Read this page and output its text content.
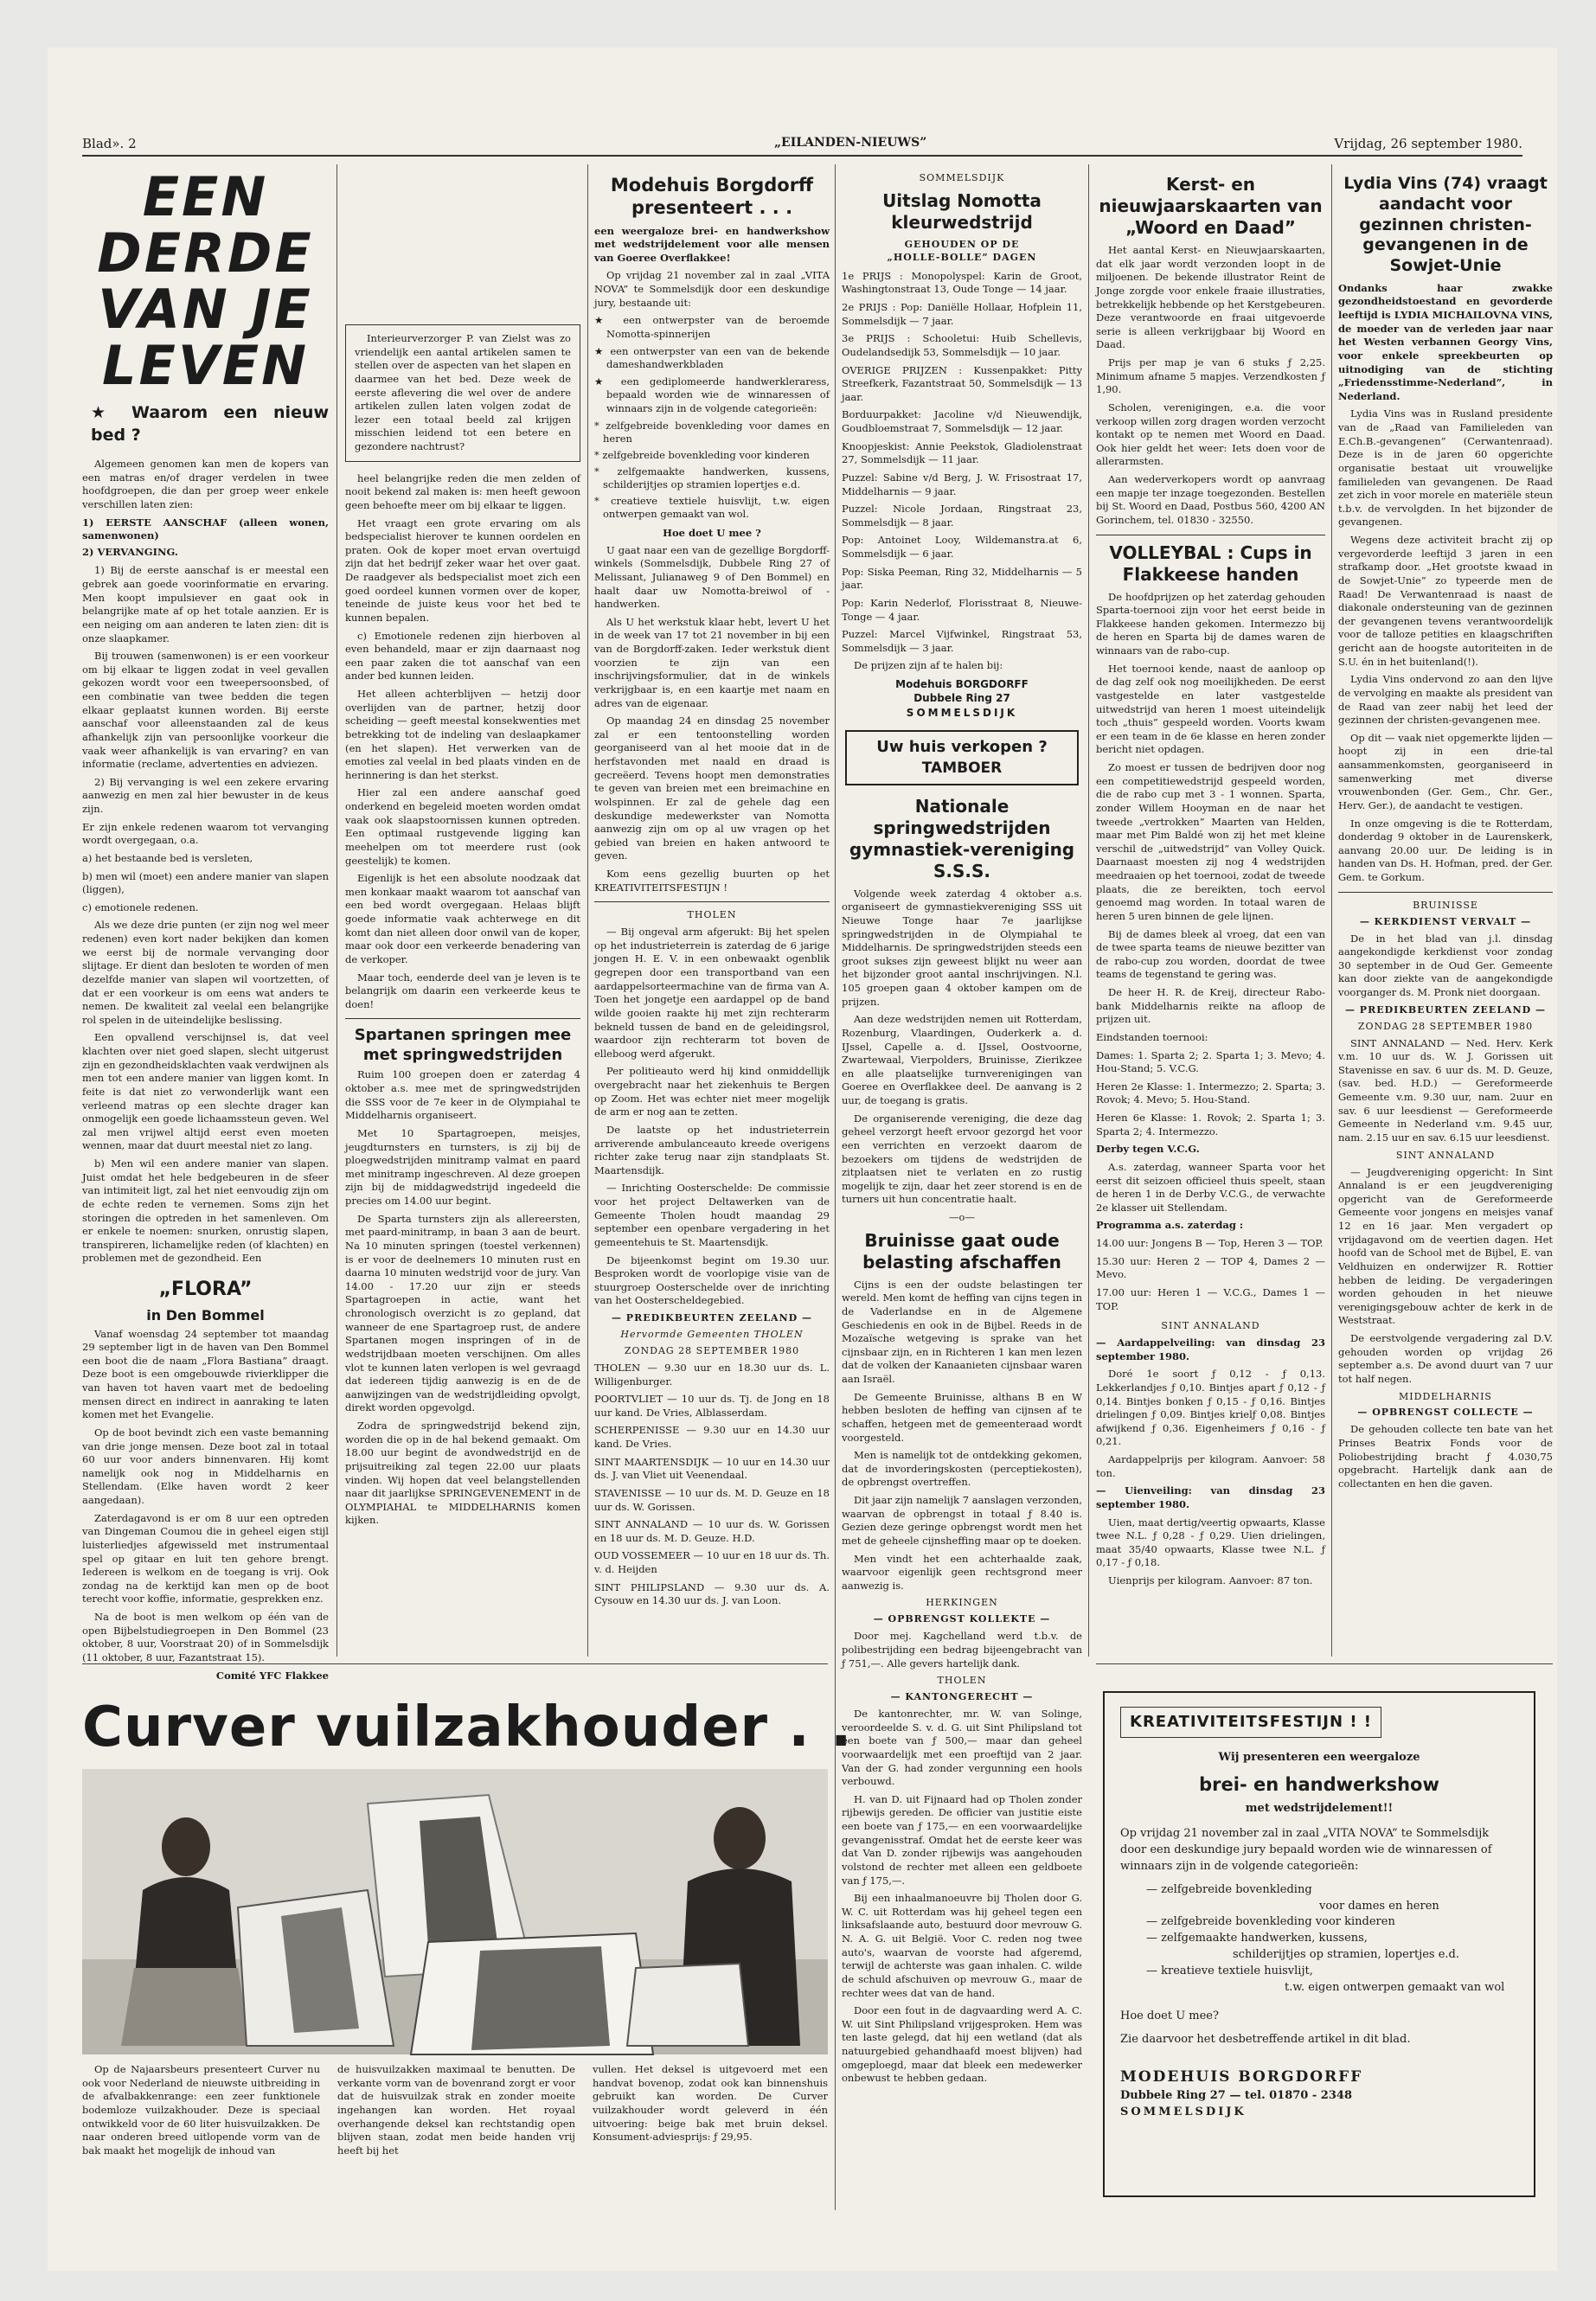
Blad». 2	„EILANDEN-NIEUWS”	Vrijdag, 26 september 1980.
EEN DERDE
VAN JE LEVEN
★ Waarom een nieuw bed ?

Algemeen genomen kan men de kopers van een matras en/of drager verdelen in twee hoofdgroepen, die dan per groep weer enkele verschillen laten zien:

1) EERSTE AANSCHAF (alleen wonen, samenwonen)
2) VERVANGING.

1) Bij de eerste aanschaf is er meestal een gebrek aan goede voorinformatie en ervaring. Men koopt impulsiever en gaat ook in belangrijke mate af op het totale aanzien. Er is een neiging om aan anderen te laten zien: dit is onze slaapkamer.

Bij trouwen (samenwonen) is er een voorkeur om bij elkaar te liggen zodat in veel gevallen gekozen wordt voor een tweepersoonsbed, of een combinatie van twee bedden die tegen elkaar geplaatst kunnen worden. Bij eerste aanschaf voor alleenstaanden zal de keus afhankelijk zijn van persoonlijke voorkeur die vaak weer afhankelijk is van ervaring? en van informatie (reclame, advertenties en adviezen.

2) Bij vervanging is wel een zekere ervaring aanwezig en men zal hier bewuster in de keus zijn.

Er zijn enkele redenen waarom tot vervanging wordt overgegaan, o.a.

a) het bestaande bed is versleten,

b) men wil (moet) een andere manier van slapen (liggen),

c) emotionele redenen.

Als we deze drie punten (er zijn nog wel meer redenen) even kort nader bekijken dan komen we eerst bij de normale vervanging door slijtage. Er dient dan besloten te worden of men dezelfde manier van slapen wil voortzetten, of dat er een voorkeur is om eens wat anders te nemen. De kwaliteit zal veelal een belangrijke rol spelen in de uiteindelijke beslissing.

Een opvallend verschijnsel is, dat veel klachten over niet goed slapen, slecht uitgerust zijn en gezondheidsklachten vaak verdwijnen als men tot een andere manier van liggen komt. In feite is dat niet zo verwonderlijk want een verleend matras op een slechte drager kan onmogelijk een goede lichaamssteun geven. Wel zal men vrijwel altijd eerst even moeten wennen, maar dat duurt meestal niet zo lang.

b) Men wil een andere manier van slapen. Juist omdat het hele bedgebeuren in de sfeer van intimiteit ligt, zal het niet eenvoudig zijn om de echte reden te vernemen. Soms zijn het storingen die optreden in het samenleven. Om er enkele te noemen: snurken, onrustig slapen, transpireren, lichamelijke reden (of klachten) en problemen met de gezondheid. Een

„FLORA”
in Den Bommel

Vanaf woensdag 24 september tot maandag 29 september ligt in de haven van Den Bommel een boot die de naam „Flora Bastiana” draagt. Deze boot is een omgebouwde rivierklipper die van haven tot haven vaart met de bedoeling mensen direct en indirect in aanraking te laten komen met het Evangelie.

Op de boot bevindt zich een vaste bemanning van drie jonge mensen. Deze boot zal in totaal 60 uur voor anders binnenvaren. Hij komt namelijk ook nog in Middelharnis en Stellendam. (Elke haven wordt 2 keer aangedaan).

Zaterdagavond is er om 8 uur een optreden van Dingeman Coumou die in geheel eigen stijl luisterliedjes afgewisseld met instrumentaal spel op gitaar en luit ten gehore brengt. Iedereen is welkom en de toegang is vrij. Ook zondag na de kerktijd kan men op de boot terecht voor koffie, informatie, gesprekken enz.

Na de boot is men welkom op één van de open Bijbelstudiegroepen in Den Bommel (23 oktober, 8 uur, Voorstraat 20) of in Sommelsdijk (11 oktober, 8 uur, Fazantstraat 15).

Comité YFC Flakkee

Interieurverzorger P. van Zielst was zo vriendelijk een aantal artikelen samen te stellen over de aspecten van het slapen en daarmee van het bed. Deze week de eerste aflevering die wel over de andere artikelen zullen laten volgen zodat de lezer een totaal beeld zal krijgen misschien leidend tot een betere en gezondere nachtrust?

heel belangrijke reden die men zelden of nooit bekend zal maken is: men heeft gewoon geen behoefte meer om bij elkaar te liggen.

Het vraagt een grote ervaring om als bedspecialist hierover te kunnen oordelen en praten. Ook de koper moet ervan overtuigd zijn dat het bedrijf zeker waar het over gaat. De raadgever als bedspecialist moet zich een goed oordeel kunnen vormen over de koper, teneinde de juiste keus voor het bed te kunnen bepalen.

c) Emotionele redenen zijn hierboven al even behandeld, maar er zijn daarnaast nog een paar zaken die tot aanschaf van een ander bed kunnen leiden.

Het alleen achterblijven — hetzij door overlijden van de partner, hetzij door scheiding — geeft meestal konsekwenties met betrekking tot de indeling van deslaapkamer (en het slapen). Het verwerken van de emoties zal veelal in bed plaats vinden en de herinnering is dan het sterkst.

Hier zal een andere aanschaf goed onderkend en begeleid moeten worden omdat vaak ook slaapstoornissen kunnen optreden. Een optimaal rustgevende ligging kan meehelpen om tot meerdere rust (ook geestelijk) te komen.

Eigenlijk is het een absolute noodzaak dat men konkaar maakt waarom tot aanschaf van een bed wordt overgegaan. Helaas blijft goede informatie vaak achterwege en dit komt dan niet alleen door onwil van de koper, maar ook door een verkeerde benadering van de verkoper.

Maar toch, eenderde deel van je leven is te belangrijk om daarin een verkeerde keus te doen!

Spartanen springen mee met springwedstrijden

Ruim 100 groepen doen er zaterdag 4 oktober a.s. mee met de springwedstrijden die SSS voor de 7e keer in de Olympiahal te Middelharnis organiseert.

Met 10 Spartagroepen, meisjes, jeugdturnsters en turnsters, is zij bij de ploegwedstrijden minitramp valmat en paard met minitramp ingeschreven. Al deze groepen zijn bij de middagwedstrijd ingedeeld die precies om 14.00 uur begint.

De Sparta turnsters zijn als allereersten, met paard-minitramp, in baan 3 aan de beurt. Na 10 minuten springen (toestel verkennen) is er voor de deelnemers 10 minuten rust en daarna 10 minuten wedstrijd voor de jury. Van 14.00 - 17.20 uur zijn er steeds Spartagroepen in actie, want het chronologisch overzicht is zo gepland, dat wanneer de ene Spartagroep rust, de andere Spartanen mogen inspringen of in de wedstrijdbaan moeten verschijnen. Om alles vlot te kunnen laten verlopen is wel gevraagd dat iedereen tijdig aanwezig is en de de aanwijzingen van de wedstrijdleiding opvolgt, direkt worden opgevolgd.

Zodra de springwedstrijd bekend zijn, worden die op in de hal bekend gemaakt. Om 18.00 uur begint de avondwedstrijd en de prijsuitreiking zal tegen 22.00 uur plaats vinden. Wij hopen dat veel belangstellenden naar dit jaarlijkse SPRINGEVENEMENT in de OLYMPIAHAL te MIDDELHARNIS komen kijken.

Modehuis Borgdorff presenteert . . .

een weergaloze brei- en handwerkshow met wedstrijdelement voor alle mensen van Goeree Overflakkee!

Op vrijdag 21 november zal in zaal „VITA NOVA” te Sommelsdijk door een deskundige jury, bestaande uit:

★ een ontwerpster van de beroemde Nomotta-spinnerijen
★ een ontwerpster van een van de bekende dameshandwerkbladen
★ een gediplomeerde handwerkleraress, bepaald worden wie de winnaressen of winnaars zijn in de volgende categorieën:
* zelfgebreide bovenkleding voor dames en heren
* zelfgebreide bovenkleding voor kinderen
* zelfgemaakte handwerken, kussens, schilderijtjes op stramien lopertjes e.d.
* creatieve textiele huisvlijt, t.w. eigen ontwerpen gemaakt van wol.
Hoe doet U mee ?

U gaat naar een van de gezellige Borgdorff-winkels (Sommelsdijk, Dubbele Ring 27 of Melissant, Julianaweg 9 of Den Bommel) en haalt daar uw Nomotta-breiwol of -handwerken.

Als U het werkstuk klaar hebt, levert U het in de week van 17 tot 21 november in bij een van de Borgdorff-zaken. Ieder werkstuk dient voorzien te zijn van een inschrijvingsformulier, dat in de winkels verkrijgbaar is, en een kaartje met naam en adres van de eigenaar.

Op maandag 24 en dinsdag 25 november zal er een tentoonstelling worden georganiseerd van al het mooie dat in de herfstavonden met naald en draad is gecreëerd. Tevens hoopt men demonstraties te geven van breien met een breimachine en wolspinnen. Er zal de gehele dag een deskundige medewerkster van Nomotta aanwezig zijn om op al uw vragen op het gebied van breien en haken antwoord te geven.

Kom eens gezellig buurten op het KREATIVITEITSFESTIJN !

THOLEN

— Bij ongeval arm afgerukt: Bij het spelen op het industrieterrein is zaterdag de 6 jarige jongen H. E. V. in een onbewaakt ogenblik gegrepen door een transportband van een aardappelsorteermachine van de firma van A. Toen het jongetje een aardappel op de band wilde gooien raakte hij met zijn rechterarm bekneld tussen de band en de geleidingsrol, waardoor zijn rechterarm tot boven de elleboog werd afgerukt.

Per politieauto werd hij kind onmiddellijk overgebracht naar het ziekenhuis te Bergen op Zoom. Het was echter niet meer mogelijk de arm er nog aan te zetten.

De laatste op het industrieterrein arriverende ambulanceauto kreede overigens richter zake terug naar zijn standplaats St. Maartensdijk.

— Inrichting Oosterschelde: De commissie voor het project Deltawerken van de Gemeente Tholen houdt maandag 29 september een openbare vergadering in het gemeentehuis te St. Maartensdijk.

De bijeenkomst begint om 19.30 uur. Besproken wordt de voorlopige visie van de stuurgroep Oosterschelde over de inrichting van het Oosterscheldegebied.

— PREDIKBEURTEN ZEELAND —
Hervormde Gemeenten THOLEN
ZONDAG 28 SEPTEMBER 1980

THOLEN — 9.30 uur en 18.30 uur ds. L. Willigenburger.

POORTVLIET — 10 uur ds. Tj. de Jong en 18 uur kand. De Vries, Alblasserdam.

SCHERPENISSE — 9.30 uur en 14.30 uur kand. De Vries.

SINT MAARTENSDIJK — 10 uur en 14.30 uur ds. J. van Vliet uit Veenendaal.

STAVENISSE — 10 uur ds. M. D. Geuze en 18 uur ds. W. Gorissen.

SINT ANNALAND — 10 uur ds. W. Gorissen en 18 uur ds. M. D. Geuze. H.D.

OUD VOSSEMEER — 10 uur en 18 uur ds. Th. v. d. Heijden

SINT PHILIPSLAND — 9.30 uur ds. A. Cysouw en 14.30 uur ds. J. van Loon.

SOMMELSDIJK
Uitslag Nomotta kleurwedstrijd
GEHOUDEN OP DE
„HOLLE-BOLLE” DAGEN

1e PRIJS : Monopolyspel: Karin de Groot, Washingtonstraat 13, Oude Tonge — 14 jaar.

2e PRIJS : Pop: Daniëlle Hollaar, Hofplein 11, Sommelsdijk — 7 jaar.

3e PRIJS : Schooletui: Huib Schellevis, Oudelandsedijk 53, Sommelsdijk — 10 jaar.

OVERIGE PRIJZEN : Kussenpakket: Pitty Streefkerk, Fazantstraat 50, Sommelsdijk — 13 jaar.

Borduurpakket: Jacoline v/d Nieuwendijk, Goudbloemstraat 7, Sommelsdijk — 12 jaar.

Knoopjeskist: Annie Peekstok, Gladiolenstraat 27, Sommelsdijk — 11 jaar.

Puzzel: Sabine v/d Berg, J. W. Frisostraat 17, Middelharnis — 9 jaar.

Puzzel: Nicole Jordaan, Ringstraat 23, Sommelsdijk — 8 jaar.

Pop: Antoinet Looy, Wildemanstra.at 6, Sommelsdijk — 6 jaar.

Pop: Siska Peeman, Ring 32, Middelharnis — 5 jaar.

Pop: Karin Nederlof, Florisstraat 8, Nieuwe-Tonge — 4 jaar.

Puzzel: Marcel Vijfwinkel, Ringstraat 53, Sommelsdijk — 3 jaar.

De prijzen zijn af te halen bij:

Modehuis BORGDORFF
Dubbele Ring 27
SOMMELSDIJK
Uw huis verkopen ?
TAMBOER
Nationale springwedstrijden gymnastiek-vereniging S.S.S.

Volgende week zaterdag 4 oktober a.s. organiseert de gymnastiekvereniging SSS uit Nieuwe Tonge haar 7e jaarlijkse springwedstrijden in de Olympiahal te Middelharnis. De springwedstrijden steeds een groot sukses zijn geweest blijkt nu weer aan het bijzonder groot aantal inschrijvingen. N.l. 105 groepen gaan 4 oktober kampen om de prijzen.

Aan deze wedstrijden nemen uit Rotterdam, Rozenburg, Vlaardingen, Ouderkerk a. d. IJssel, Capelle a. d. IJssel, Oostvoorne, Zwartewaal, Vierpolders, Bruinisse, Zierikzee en alle plaatselijke turnverenigingen van Goeree en Overflakkee deel. De aanvang is 2 uur, de toegang is gratis.

De organiserende vereniging, die deze dag geheel verzorgt heeft ervoor gezorgd het voor een verrichten en verzoekt daarom de bezoekers om tijdens de wedstrijden de zitplaatsen niet te verlaten en zo rustig mogelijk te zijn, daar het zeer storend is en de turners uit hun concentratie haalt.

—o—
Bruinisse gaat oude belasting afschaffen

Cijns is een der oudste belastingen ter wereld. Men komt de heffing van cijns tegen in de Vaderlandse en in de Algemene Geschiedenis en ook in de Bijbel. Reeds in de Mozaïsche wetgeving is sprake van het cijnsbaar zijn, en in Richteren 1 kan men lezen dat de volken der Kanaanieten cijnsbaar waren aan Israël.

De Gemeente Bruinisse, althans B en W hebben besloten de heffing van cijnsen af te schaffen, hetgeen met de gemeenteraad wordt voorgesteld.

Men is namelijk tot de ontdekking gekomen, dat de invorderingskosten (perceptiekosten), de opbrengst overtreffen.

Dit jaar zijn namelijk 7 aanslagen verzonden, waarvan de opbrengst in totaal ƒ 8.40 is. Gezien deze geringe opbrengst wordt men het met de geheele cijnsheffing maar op te doeken.

Men vindt het een achterhaalde zaak, waarvoor eigenlijk geen rechtsgrond meer aanwezig is.

HERKINGEN
— OPBRENGST KOLLEKTE —

Door mej. Kagchelland werd t.b.v. de polibestrijding een bedrag bijeengebracht van ƒ 751,—. Alle gevers hartelijk dank.

THOLEN
— KANTONGERECHT —

De kantonrechter, mr. W. van Solinge, veroordeelde S. v. d. G. uit Sint Philipsland tot een boete van ƒ 500,— maar dan geheel voorwaardelijk met een proeftijd van 2 jaar. Van der G. had zonder vergunning een hools verbouwd.

H. van D. uit Fijnaard had op Tholen zonder rijbewijs gereden. De officier van justitie eiste een boete van ƒ 175,— en een voorwaardelijke gevangenisstraf. Omdat het de eerste keer was dat Van D. zonder rijbewijs was aangehouden volstond de rechter met alleen een geldboete van ƒ 175,—.

Bij een inhaalmanoeuvre bij Tholen door G. W. C. uit Rotterdam was hij geheel tegen een linksafslaande auto, bestuurd door mevrouw G. N. A. G. uit België. Voor C. reden nog twee auto's, waarvan de voorste had afgeremd, terwijl de achterste was gaan inhalen. C. wilde de schuld afschuiven op mevrouw G., maar de rechter wees dat van de hand.

Door een fout in de dagvaarding werd A. C. W. uit Sint Philipsland vrijgesproken. Hem was ten laste gelegd, dat hij een wetland (dat als natuurgebied gehandhaafd moest blijven) had omgeploegd, maar dat bleek een medewerker onbewust te hebben gedaan.

Kerst- en nieuwjaarskaarten van „Woord en Daad”

Het aantal Kerst- en Nieuwjaarskaarten, dat elk jaar wordt verzonden loopt in de miljoenen. De bekende illustrator Reint de Jonge zorgde voor enkele fraaie illustraties, betrekkelijk hebbende op het Kerstgebeuren. Deze verantwoorde en fraai uitgevoerde serie is alleen verkrijgbaar bij Woord en Daad.

Prijs per map je van 6 stuks ƒ 2,25. Minimum afname 5 mapjes. Verzendkosten ƒ 1,90.

Scholen, verenigingen, e.a. die voor verkoop willen zorg dragen worden verzocht kontakt op te nemen met Woord en Daad. Ook hier geldt het weer: Iets doen voor de allerarmsten.

Aan wederverkopers wordt op aanvraag een mapje ter inzage toegezonden. Bestellen bij St. Woord en Daad, Postbus 560, 4200 AN Gorinchem, tel. 01830 - 32550.

VOLLEYBAL : Cups in Flakkeese handen

De hoofdprijzen op het zaterdag gehouden Sparta-toernooi zijn voor het eerst beide in Flakkeese handen gekomen. Intermezzo bij de heren en Sparta bij de dames waren de winnaars van de rabo-cup.

Het toernooi kende, naast de aanloop op de dag zelf ook nog moeilijkheden. De eerst vastgestelde en later vastgestelde uitwedstrijd van heren 1 moest uiteindelijk toch „thuis” gespeeld worden. Voorts kwam er een team in de 6e klasse en heren zonder bericht niet opdagen.

Zo moest er tussen de bedrijven door nog een competitiewedstrijd gespeeld worden, die de rabo cup met 3 - 1 wonnen. Sparta, zonder Willem Hooyman en de naar het tweede „vertrokken” Maarten van Helden, maar met Pim Baldé won zij het met kleine verschil de „uitwedstrijd” van Volley Quick. Daarnaast moesten zij nog 4 wedstrijden meedraaien op het toernooi, zodat de tweede plaats, die ze bereikten, toch eervol genoemd mag worden. In totaal waren de heren 5 uren binnen de gele lijnen.

Bij de dames bleek al vroeg, dat een van de twee sparta teams de nieuwe bezitter van de rabo-cup zou worden, doordat de twee teams de tegenstand te gering was.

De heer H. R. de Kreij, directeur Rabo-bank Middelharnis reikte na afloop de prijzen uit.

Eindstanden toernooi:

Dames: 1. Sparta 2; 2. Sparta 1; 3. Mevo; 4. Hou-Stand; 5. V.C.G.

Heren 2e Klasse: 1. Intermezzo; 2. Sparta; 3. Rovok; 4. Mevo; 5. Hou-Stand.

Heren 6e Klasse: 1. Rovok; 2. Sparta 1; 3. Sparta 2; 4. Intermezzo.

Derby tegen V.C.G.

A.s. zaterdag, wanneer Sparta voor het eerst dit seizoen officieel thuis speelt, staan de heren 1 in de Derby V.C.G., de verwachte 2e klasser uit Stellendam.

Programma a.s. zaterdag :

14.00 uur: Jongens B — Top, Heren 3 — TOP.

15.30 uur: Heren 2 — TOP 4, Dames 2 — Mevo.

17.00 uur: Heren 1 — V.C.G., Dames 1 — TOP.

SINT ANNALAND

— Aardappelveiling: van dinsdag 23 september 1980.

Doré 1e soort ƒ 0,12 - ƒ 0,13. Lekkerlandjes ƒ 0,10. Bintjes apart ƒ 0,12 - ƒ 0,14. Bintjes bonken ƒ 0,15 - ƒ 0,16. Bintjes drielingen ƒ 0,09. Bintjes krielƒ 0,08. Bintjes afwijkend ƒ 0,36. Eigenheimers ƒ 0,16 - ƒ 0,21.

Aardappelprijs per kilogram. Aanvoer: 58 ton.

— Uienveiling: van dinsdag 23 september 1980.

Uien, maat dertig/veertig opwaarts, Klasse twee N.L. ƒ 0,28 - ƒ 0,29. Uien drielingen, maat 35/40 opwaarts, Klasse twee N.L. ƒ 0,17 - ƒ 0,18.

Uienprijs per kilogram. Aanvoer: 87 ton.

Lydia Vins (74) vraagt aandacht voor gezinnen christen-gevangenen in de Sowjet-Unie

Ondanks haar zwakke gezondheidstoestand en gevorderde leeftijd is LYDIA MICHAILOVNA VINS, de moeder van de verleden jaar naar het Westen verbannen Georgy Vins, voor enkele spreekbeurten op uitnodiging van de stichting „Friedensstimme-Nederland”, in Nederland.

Lydia Vins was in Rusland presidente van de „Raad van Familieleden van E.Ch.B.-gevangenen” (Cerwantenraad). Deze is in de jaren 60 opgerichte organisatie bestaat uit vrouwelijke familieleden van gevangenen. De Raad zet zich in voor morele en materiële steun t.b.v. de vervolgden. In het bijzonder de gevangenen.

Wegens deze activiteit bracht zij op vergevorderde leeftijd 3 jaren in een strafkamp door. „Het grootste kwaad in de Sowjet-Unie” zo typeerde men de Raad! De Verwantenraad is naast de diakonale ondersteuning van de gezinnen der gevangenen tevens verantwoordelijk voor de talloze petities en klaagschriften gericht aan de hoogste autoriteiten in de S.U. én in het buitenland(!).

Lydia Vins ondervond zo aan den lijve de vervolging en maakte als president van de Raad van zeer nabij het leed der gezinnen der christen-gevangenen mee.

Op dit — vaak niet opgemerkte lijden — hoopt zij in een drie-tal aansammenkomsten, georganiseerd in samenwerking met diverse vrouwenbonden (Ger. Gem., Chr. Ger., Herv. Ger.), de aandacht te vestigen.

In onze omgeving is die te Rotterdam, donderdag 9 oktober in de Laurenskerk, aanvang 20.00 uur. De leiding is in handen van Ds. H. Hofman, pred. der Ger. Gem. te Gorkum.

BRUINISSE
— KERKDIENST VERVALT —

De in het blad van j.l. dinsdag aangekondigde kerkdienst voor zondag 30 september in de Oud Ger. Gemeente kan door ziekte van de aangekondigde voorganger ds. M. Pronk niet doorgaan.

— PREDIKBEURTEN ZEELAND —
ZONDAG 28 SEPTEMBER 1980

SINT ANNALAND — Ned. Herv. Kerk v.m. 10 uur ds. W. J. Gorissen uit Stavenisse en sav. 6 uur ds. M. D. Geuze, (sav. bed. H.D.) — Gereformeerde Gemeente v.m. 9.30 uur, nam. 2uur en sav. 6 uur leesdienst — Gereformeerde Gemeente in Nederland v.m. 9.45 uur, nam. 2.15 uur en sav. 6.15 uur leesdienst.

SINT ANNALAND

— Jeugdvereniging opgericht: In Sint Annaland is er een jeugdvereniging opgericht van de Gereformeerde Gemeente voor jongens en meisjes vanaf 12 en 16 jaar. Men vergadert op vrijdagavond om de veertien dagen. Het hoofd van de School met de Bijbel, E. van Veldhuizen en onderwijzer R. Rottier hebben de leiding. De vergaderingen worden gehouden in het nieuwe verenigingsgebouw achter de kerk in de Weststraat.

De eerstvolgende vergadering zal D.V. gehouden worden op vrijdag 26 september a.s. De avond duurt van 7 uur tot half negen.

MIDDELHARNIS
— OPBRENGST COLLECTE —

De gehouden collecte ten bate van het Prinses Beatrix Fonds voor de Poliobestrijding bracht ƒ 4.030,75 opgebracht. Hartelijk dank aan de collectanten en hen die gaven.

Curver vuilzakhouder . .

Op de Najaarsbeurs presenteert Curver nu ook voor Nederland de nieuwste uitbreiding in de afvalbakkenrange: een zeer funktionele bodemloze vuilzakhouder. Deze is speciaal ontwikkeld voor de 60 liter huisvuilzakken. De naar onderen breed uitlopende vorm van de bak maakt het mogelijk de inhoud van

de huisvuilzakken maximaal te benutten. De verkante vorm van de bovenrand zorgt er voor dat de huisvuilzak strak en zonder moeite ingehangen kan worden. Het royaal overhangende deksel kan rechtstandig open blijven staan, zodat men beide handen vrij heeft bij het

vullen. Het deksel is uitgevoerd met een handvat bovenop, zodat ook kan binnenshuis gebruikt kan worden. De Curver vuilzakhouder wordt geleverd in één uitvoering: beige bak met bruin deksel. Konsument-adviesprijs: ƒ 29,95.

KREATIVITEITSFESTIJN ! !
Wij presenteren een weergaloze
brei- en handwerkshow
met wedstrijdelement!!
Op vrijdag 21 november zal in zaal „VITA NOVA” te Sommelsdijk door een deskundige jury bepaald worden wie de winnaressen of winnaars zijn in de volgende categorieën:
— zelfgebreide bovenkleding
voor dames en heren
— zelfgebreide bovenkleding voor kinderen
— zelfgemaakte handwerken, kussens,
schilderijtjes op stramien, lopertjes e.d.
— kreatieve textiele huisvlijt,
t.w. eigen ontwerpen gemaakt van wol
Hoe doet U mee?
Zie daarvoor het desbetreffende artikel in dit blad.
MODEHUIS BORGDORFF
Dubbele Ring 27 — tel. 01870 - 2348
SOMMELSDIJK
